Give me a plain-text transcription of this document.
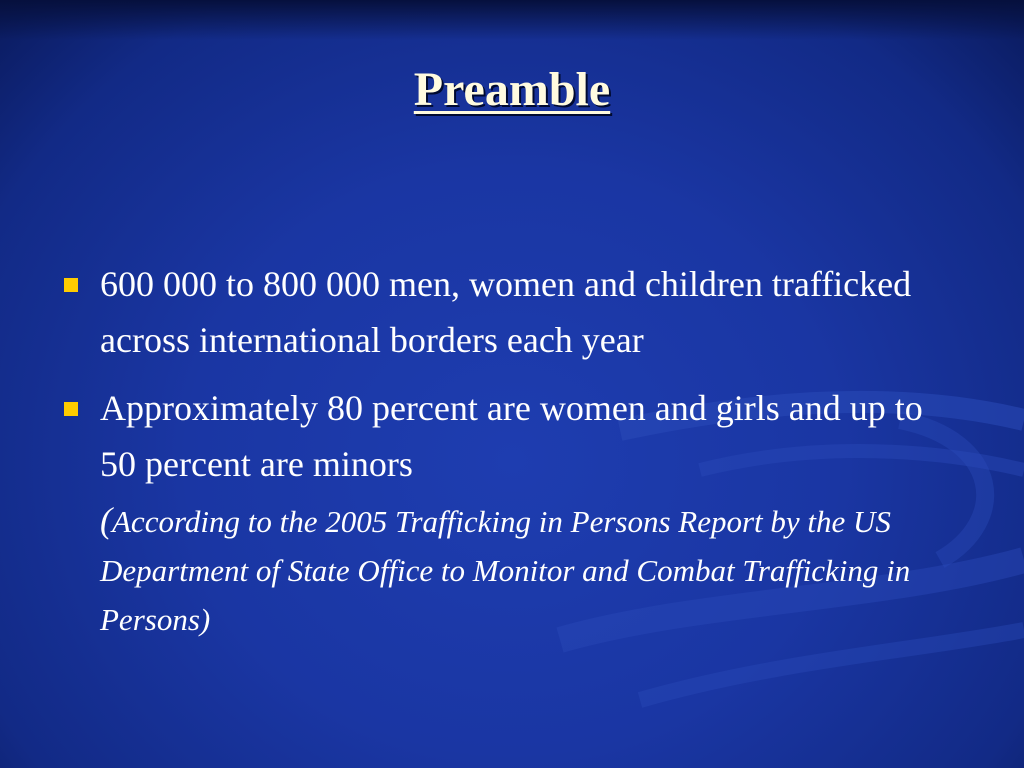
Preamble
600 000 to 800 000 men, women and children trafficked across international borders each year
Approximately 80 percent are women and girls and up to 50 percent are minors

(According to the 2005 Trafficking in Persons Report by the US Department of State Office to Monitor and Combat Trafficking in Persons)
